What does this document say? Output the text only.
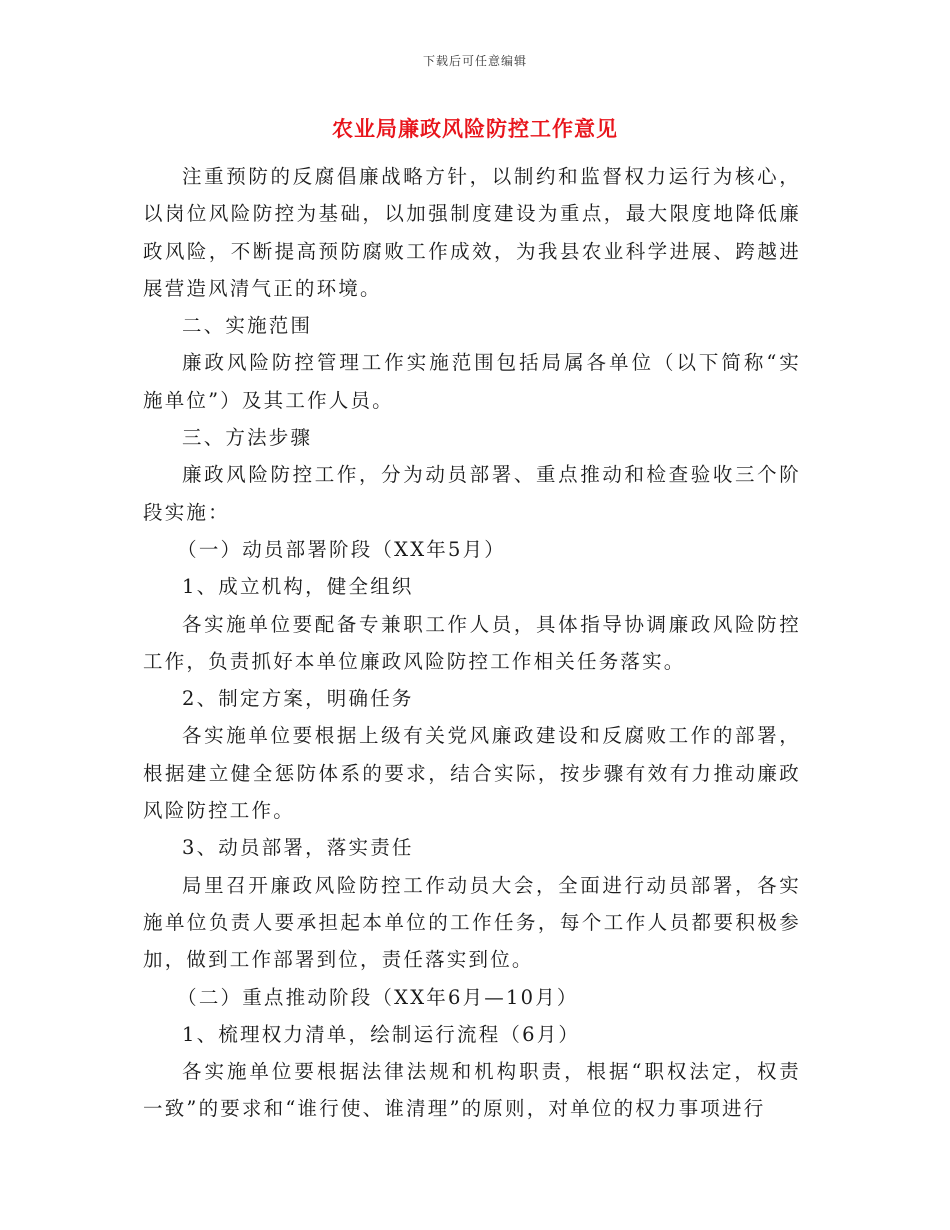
下载后可任意编辑
农业局廉政风险防控工作意见

注重预防的反腐倡廉战略方针，以制约和监督权力运行为核心，以岗位风险防控为基础，以加强制度建设为重点，最大限度地降低廉政风险，不断提高预防腐败工作成效，为我县农业科学进展、跨越进展营造风清气正的环境。

二、实施范围

廉政风险防控管理工作实施范围包括局属各单位（以下简称“实施单位”）及其工作人员。

三、方法步骤

廉政风险防控工作，分为动员部署、重点推动和检查验收三个阶段实施：

（一）动员部署阶段（XX年5月）

1、成立机构，健全组织

各实施单位要配备专兼职工作人员，具体指导协调廉政风险防控工作，负责抓好本单位廉政风险防控工作相关任务落实。

2、制定方案，明确任务

各实施单位要根据上级有关党风廉政建设和反腐败工作的部署，根据建立健全惩防体系的要求，结合实际，按步骤有效有力推动廉政风险防控工作。

3、动员部署，落实责任

局里召开廉政风险防控工作动员大会，全面进行动员部署，各实施单位负责人要承担起本单位的工作任务，每个工作人员都要积极参加，做到工作部署到位，责任落实到位。

（二）重点推动阶段（XX年6月—10月）

1、梳理权力清单，绘制运行流程（6月）

各实施单位要根据法律法规和机构职责，根据“职权法定，权责一致”的要求和“谁行使、谁清理”的原则，对单位的权力事项进行
